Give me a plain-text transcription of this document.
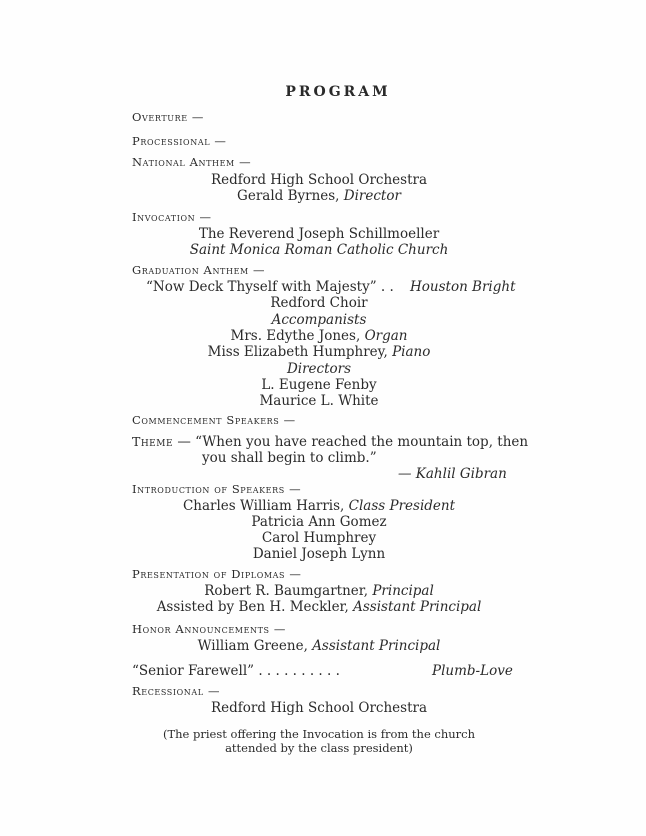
PROGRAM
Overture —
Processional —
National Anthem —
Redford High School Orchestra
Gerald Byrnes, Director
Invocation —
The Reverend Joseph Schillmoeller
Saint Monica Roman Catholic Church
Graduation Anthem —
“Now Deck Thyself with Majesty” . . Houston Bright
Redford Choir
Accompanists
Mrs. Edythe Jones, Organ
Miss Elizabeth Humphrey, Piano
Directors
L. Eugene Fenby
Maurice L. White
Commencement Speakers —
Theme — “When you have reached the mountain top, then
you shall begin to climb.”
— Kahlil Gibran
Introduction of Speakers —
Charles William Harris, Class President
Patricia Ann Gomez
Carol Humphrey
Daniel Joseph Lynn
Presentation of Diplomas —
Robert R. Baumgartner, Principal
Assisted by Ben H. Meckler, Assistant Principal
Honor Announcements —
William Greene, Assistant Principal
“Senior Farewell” . . . . . . . . . .	Plumb-Love
Recessional —
Redford High School Orchestra
(The priest offering the Invocation is from the church
attended by the class president)
